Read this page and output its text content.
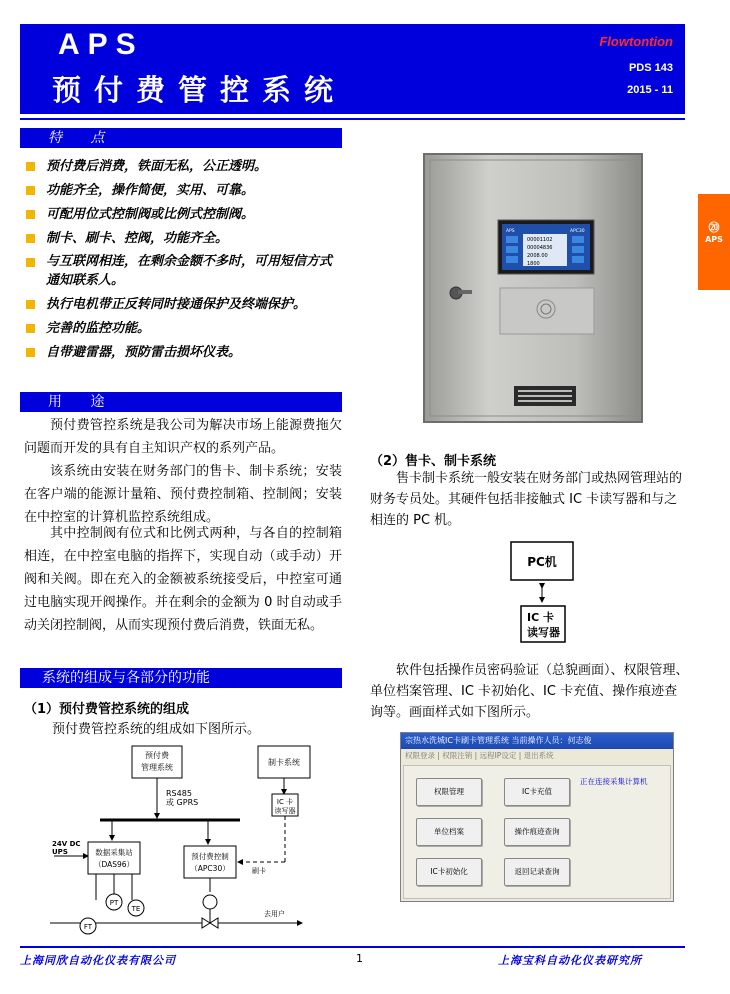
APS
预付费管控系统
Flowtontion
PDS 143
2015 - 11
⑳
APS
特 点
预付费后消费，铁面无私，公正透明。
功能齐全，操作简便，实用、可靠。
可配用位式控制阀或比例式控制阀。
制卡、刷卡、控阀，功能齐全。
与互联网相连，在剩余金额不多时，可用短信方式通知联系人。
执行电机带正反转同时接通保护及终端保护。
完善的监控功能。
自带避雷器，预防雷击损坏仪表。
用 途
预付费管控系统是我公司为解决市场上能源费拖欠问题而开发的具有自主知识产权的系列产品。
该系统由安装在财务部门的售卡、制卡系统；安装在客户端的能源计量箱、预付费控制箱、控制阀；安装在中控室的计算机监控系统组成。
其中控制阀有位式和比例式两种，与各自的控制箱相连，在中控室电脑的指挥下，实现自动（或手动）开阀和关阀。即在充入的金额被系统接受后，中控室可通过电脑实现开阀操作。并在剩余的金额为 0 时自动或手动关闭控制阀，从而实现预付费后消费，铁面无私。
系统的组成与各部分的功能
（1）预付费管控系统的组成
预付费管控系统的组成如下图所示。
预付费
管理系统
制卡系统
RS485
或 GPRS	IC 卡
读写器
24V DC
UPS	数据采集站
（DAS96）
预付费控制
（APC30）	刷卡
PT
TE
FT
去用户
APS	APC30
00001102
00004836
2008.00
1800
（2）售卡、制卡系统
售卡制卡系统一般安装在财务部门或热网管理站的财务专员处。其硬件包括非接触式 IC 卡读写器和与之相连的 PC 机。
PC机
IC 卡
读写器
软件包括操作员密码验证（总貌画面）、权限管理、单位档案管理、IC 卡初始化、IC 卡充值、操作痕迹查询等。画面样式如下图所示。
宗热水洗城IC卡刷卡管理系统 当前操作人员：何志俊
权限登录 | 权限注销 | 远程IP设定 | 退出系统
权限管理	IC卡充值
单位档案	操作痕迹查询
IC卡初始化	返回记录查询
正在连接采集计算机
上海同欣自动化仪表有限公司	1	上海宝科自动化仪表研究所
